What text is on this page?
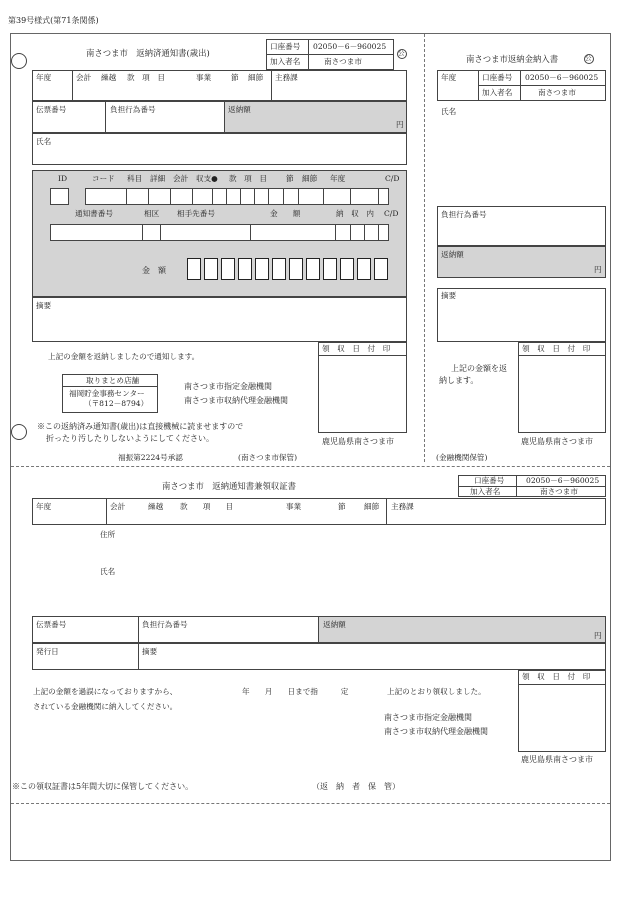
第39号様式(第71条関係)
南さつま市　返納済通知書(歳出)
口座番号 02050－6－960025
加入者名	南さつま市
公
年度	会計 繰越 款　項　目	事業	節 細節 主務課
伝票番号	負担行為番号	返納額
円
氏名
ID	コード 科目 詳細 会計 収支● 款　項　目	節 細節 年度	C/D
通知書番号	相区 相手先番号	金　　額	納　収　内 C/D
金　額
摘要
領　収　日　付　印
鹿児島県南さつま市
上記の金額を返納しましたので通知します。
取りまとめ店舗
福岡貯金事務センター
（〒812－8794）
南さつま市指定金融機関
南さつま市収納代理金融機関
※この返納済み通知書(歳出)は直接機械に読ませますので
折ったり汚したりしないようにしてください。
福振第2224号承認	(南さつま市保管)
南さつま市返納金納入書	公
年度	口座番号 02050－6－960025
加入者名	南さつま市
氏名
負担行為番号
返納額
円
摘要
領　収　日　付　印
上記の金額を返
納します。
鹿児島県南さつま市
(金融機関保管)
南さつま市　返納通知書兼領収証書
口座番号	02050－6－960025
加入者名	南さつま市
年度	会計	繰越 款　　項　　目	事業	節 細節 主務課
住所
氏名
伝票番号	負担行為番号	返納額
円
発行日	摘要
領　収　日　付　印
上記の金額を過誤になっておりますから、	年　　月　　日まで指　　　定	上記のとおり領収しました。
されている金融機関に納入してください。
南さつま市指定金融機関
南さつま市収納代理金融機関
鹿児島県南さつま市
※この領収証書は5年間大切に保管してください。	（返　納　者　保　管）
